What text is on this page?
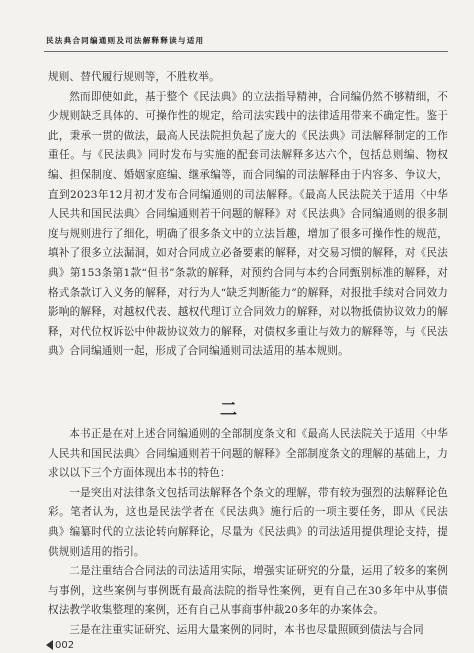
民法典合同编通则及司法解释释读与适用

规则、替代履行规则等，不胜枚举。

然而即使如此，基于整个《民法典》的立法指导精神，合同编仍然不够精细，不少规则缺乏具体的、可操作性的规定，给司法实践中的法律适用带来不确定性。鉴于此，秉承一贯的做法，最高人民法院担负起了庞大的《民法典》司法解释制定的工作重任。与《民法典》同时发布与实施的配套司法解释多达六个，包括总则编、物权编、担保制度、婚姻家庭编、继承编等，而合同编的司法解释由于内容多、争议大，直到2023年12月初才发布合同编通则的司法解释。《最高人民法院关于适用〈中华人民共和国民法典〉合同编通则若干问题的解释》对《民法典》合同编通则的很多制度与规则进行了细化，明确了很多条文中的立法旨趣，增加了很多可操作性的规范，填补了很多立法漏洞，如对合同成立必备要素的解释，对交易习惯的解释，对《民法典》第153条第1款“但书”条款的解释，对预约合同与本约合同甄别标准的解释，对格式条款订入义务的解释，对行为人“缺乏判断能力”的解释，对报批手续对合同效力影响的解释，对越权代表、越权代理订立合同效力的解释，对以物抵债协议效力的解释，对代位权诉讼中仲裁协议效力的解释，对债权多重让与效力的解释等，与《民法典》合同编通则一起，形成了合同编通则司法适用的基本规则。

二

本书正是在对上述合同编通则的全部制度条文和《最高人民法院关于适用〈中华人民共和国民法典〉合同编通则若干问题的解释》全部制度条文的理解的基础上，力求以以下三个方面体现出本书的特色：

一是突出对法律条文包括司法解释各个条文的理解，带有较为强烈的法解释论色彩。笔者认为，这也是民法学者在《民法典》施行后的一项主要任务，即从《民法典》编纂时代的立法论转向解释论，尽量为《民法典》的司法适用提供理论支持，提供规则适用的指引。

二是注重结合合同法的司法适用实际，增强实证研究的分量，运用了较多的案例与事例，这些案例与事例既有最高法院的指导性案例，更有自己在30多年中从事债权法教学收集整理的案例，还有自己从事商事仲裁20多年的办案体会。

三是在注重实证研究、运用大量案例的同时，本书也尽量照顾到债法与合同

002
